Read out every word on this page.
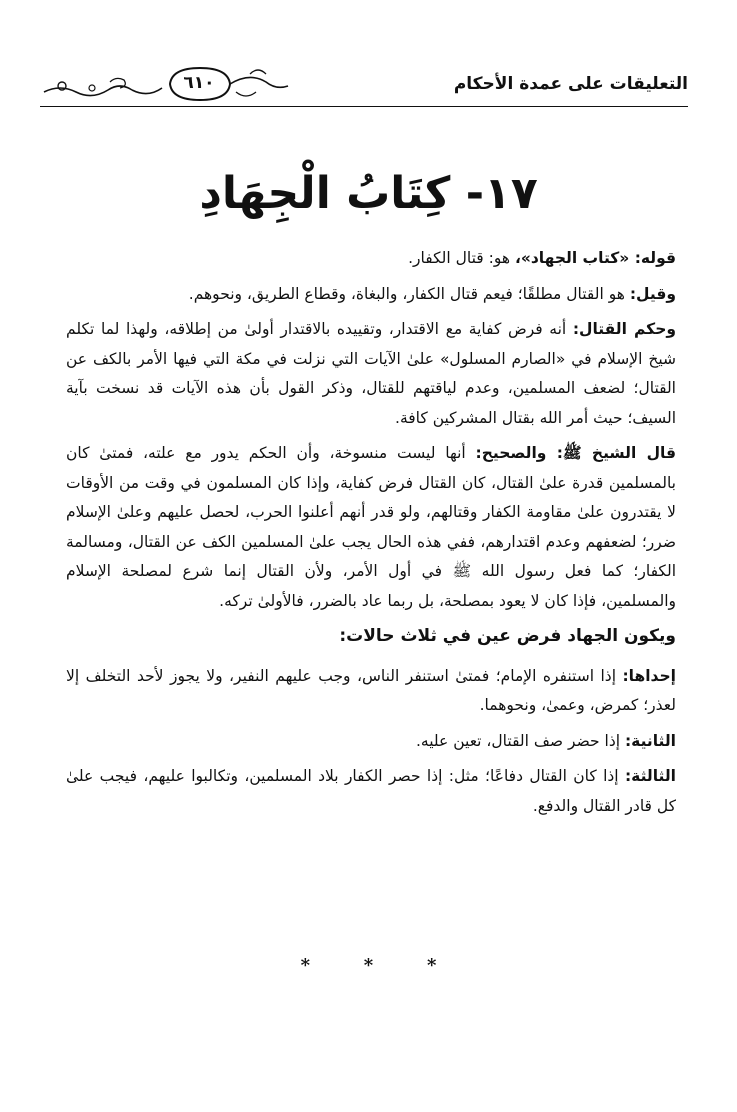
٦١٠	التعليقات على عمدة الأحكام
١٧- كِتَابُ الْجِهَادِ

قوله: «كتاب الجهاد»، هو: قتال الكفار.

وقيل: هو القتال مطلقًا؛ فيعم قتال الكفار، والبغاة، وقطاع الطريق، ونحوهم.

وحكم القتال: أنه فرض كفاية مع الاقتدار، وتقييده بالاقتدار أولىٰ من إطلاقه، ولهذا لما تكلم شيخ الإسلام في «الصارم المسلول» علىٰ الآيات التي نزلت في مكة التي فيها الأمر بالكف عن القتال؛ لضعف المسلمين، وعدم لياقتهم للقتال، وذكر القول بأن هذه الآيات قد نسخت بآية السيف؛ حيث أمر الله بقتال المشركين كافة.

قال الشيخ ﷺ: والصحيح: أنها ليست منسوخة، وأن الحكم يدور مع علته، فمتىٰ كان بالمسلمين قدرة علىٰ القتال، كان القتال فرض كفاية، وإذا كان المسلمون في وقت من الأوقات لا يقتدرون علىٰ مقاومة الكفار وقتالهم، ولو قدر أنهم أعلنوا الحرب، لحصل عليهم وعلىٰ الإسلام ضرر؛ لضعفهم وعدم اقتدارهم، ففي هذه الحال يجب علىٰ المسلمين الكف عن القتال، ومسالمة الكفار؛ كما فعل رسول الله ﷺ في أول الأمر، ولأن القتال إنما شرع لمصلحة الإسلام والمسلمين، فإذا كان لا يعود بمصلحة، بل ربما عاد بالضرر، فالأولىٰ تركه.

ويكون الجهاد فرض عين في ثلاث حالات:

إحداها: إذا استنفره الإمام؛ فمتىٰ استنفر الناس، وجب عليهم النفير، ولا يجوز لأحد التخلف إلا لعذر؛ كمرض، وعمىٰ، ونحوهما.

الثانية: إذا حضر صف القتال، تعين عليه.

الثالثة: إذا كان القتال دفاعًا؛ مثل: إذا حصر الكفار بلاد المسلمين، وتكالبوا عليهم، فيجب علىٰ كل قادر القتال والدفع.

* * *
